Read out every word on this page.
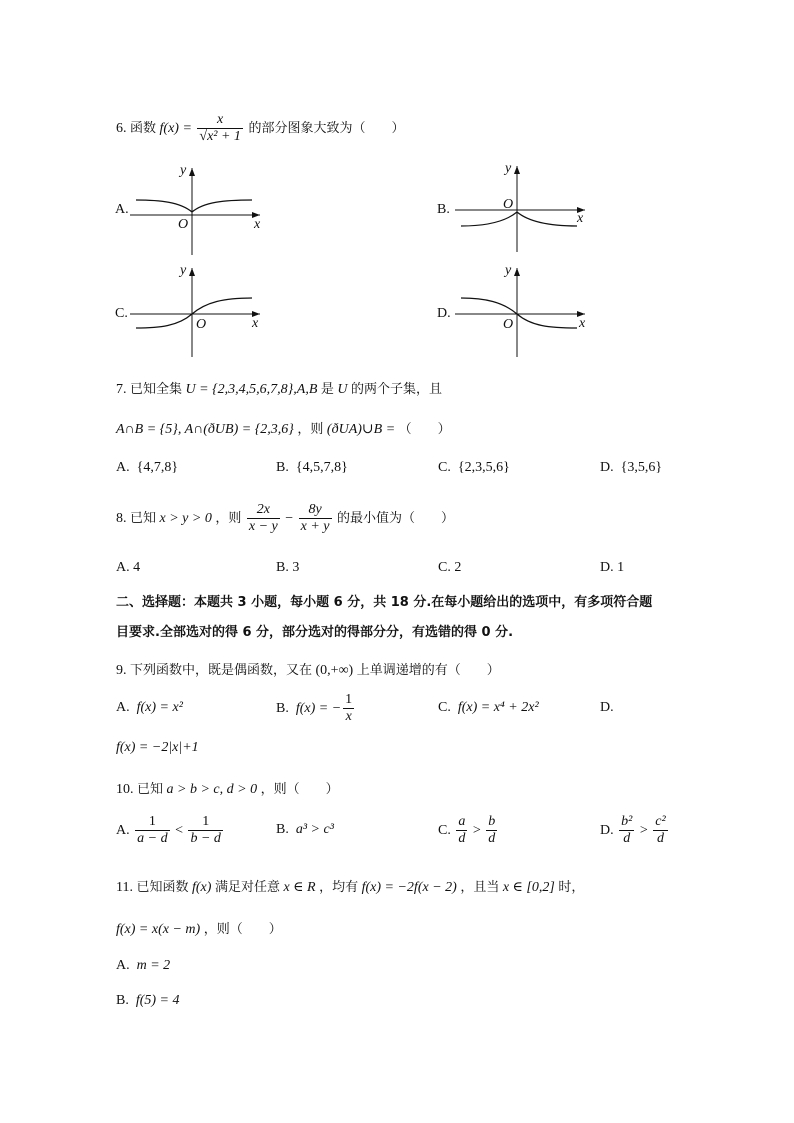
6. 函数 $f(x) = \frac{x}{\text{√x² + 1}}$ 的部分图象大致为（　　）
A.
x
y
O
B.
x
y
O
C.
x
y
O
D.
x
y
O
7. 已知全集 U = {2,3,4,5,6,7,8},A,B 是 U 的两个子集，且
A∩B = {5}, A∩(ðUB) = {2,3,6} ，则 (ðUA)∪B = （　　）
A. {4,7,8}	B. {4,5,7,8}	C. {2,3,5,6}	D. {3,5,6}
8. 已知 x > y > 0 ，则 $\frac{2x}{x - y} - \frac{8y}{x + y}$ 的最小值为（　　）
A. 4	B. 3	C. 2	D. 1
二、选择题：本题共 3 小题，每小题 6 分，共 18 分.在每小题给出的选项中，有多项符合题
目要求.全部选对的得 6 分，部分选对的得部分分，有选错的得 0 分.
9. 下列函数中，既是偶函数，又在 (0,+∞) 上单调递增的有（　　）
A. f(x) = x²	B. f(x) = − $\frac{1}{x}$	C. f(x) = x⁴ + 2x²	D.
f(x) = −2|x|+1
10. 已知 a > b > c, d > 0 ，则（　　）
A. $\frac{1}{a - d} < \frac{1}{b - d}$	B. a³ > c³	C. $\frac{a}{d} > \frac{b}{d}$	D. $\frac{\text{b²}}{d} > \frac{\text{c²}}{d}$
11. 已知函数 f(x) 满足对任意 x ∈ R ，均有 f(x) = −2f(x − 2) ，且当 x ∈ [0,2] 时，
f(x) = x(x − m) ，则（　　）
A. m = 2
B. f(5) = 4
